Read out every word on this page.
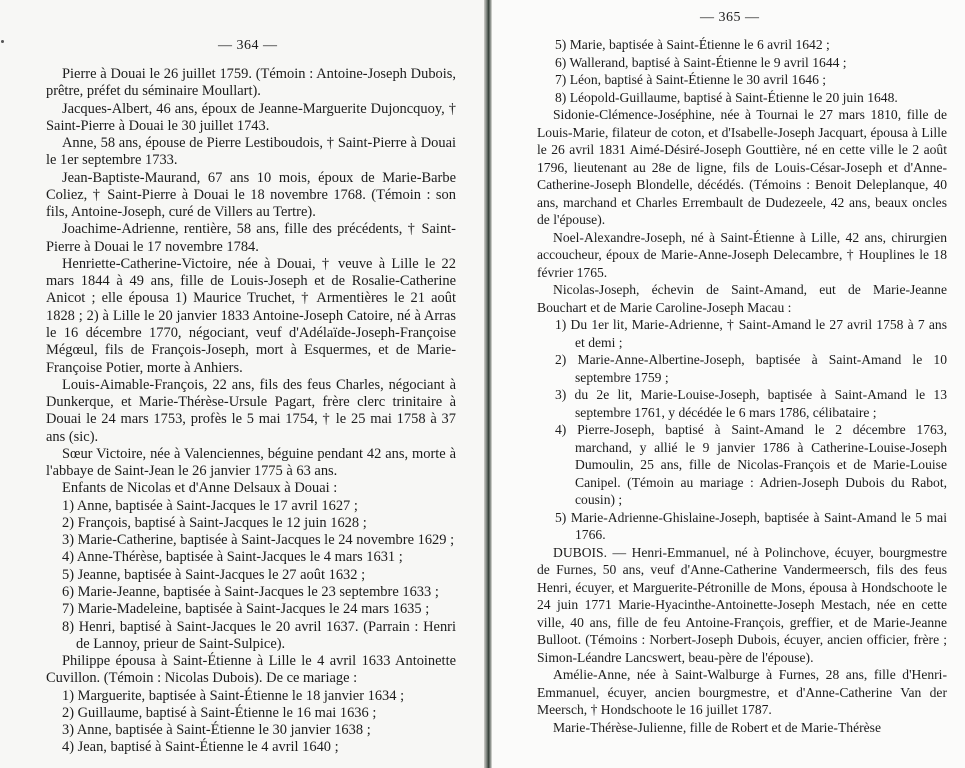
— 364 —

Pierre à Douai le 26 juillet 1759. (Témoin : Antoine-Joseph Dubois, prêtre, préfet du séminaire Moullart).

Jacques-Albert, 46 ans, époux de Jeanne-Marguerite Dujoncquoy, † Saint-Pierre à Douai le 30 juillet 1743.

Anne, 58 ans, épouse de Pierre Lestiboudois, † Saint-Pierre à Douai le 1er septembre 1733.

Jean-Baptiste-Maurand, 67 ans 10 mois, époux de Marie-Barbe Coliez, † Saint-Pierre à Douai le 18 novembre 1768. (Témoin : son fils, Antoine-Joseph, curé de Villers au Tertre).

Joachime-Adrienne, rentière, 58 ans, fille des précédents, † Saint-Pierre à Douai le 17 novembre 1784.

Henriette-Catherine-Victoire, née à Douai, † veuve à Lille le 22 mars 1844 à 49 ans, fille de Louis-Joseph et de Rosalie-Catherine Anicot ; elle épousa 1) Maurice Truchet, † Armentières le 21 août 1828 ; 2) à Lille le 20 janvier 1833 Antoine-Joseph Catoire, né à Arras le 16 décembre 1770, négociant, veuf d'Adélaïde-Joseph-Françoise Mégœul, fils de François-Joseph, mort à Esquermes, et de Marie-Françoise Potier, morte à Anhiers.

Louis-Aimable-François, 22 ans, fils des feus Charles, négociant à Dunkerque, et Marie-Thérèse-Ursule Pagart, frère clerc trinitaire à Douai le 24 mars 1753, profès le 5 mai 1754, † le 25 mai 1758 à 37 ans (sic).

Sœur Victoire, née à Valenciennes, béguine pendant 42 ans, morte à l'abbaye de Saint-Jean le 26 janvier 1775 à 63 ans.

Enfants de Nicolas et d'Anne Delsaux à Douai :

1) Anne, baptisée à Saint-Jacques le 17 avril 1627 ;

2) François, baptisé à Saint-Jacques le 12 juin 1628 ;

3) Marie-Catherine, baptisée à Saint-Jacques le 24 novembre 1629 ;

4) Anne-Thérèse, baptisée à Saint-Jacques le 4 mars 1631 ;

5) Jeanne, baptisée à Saint-Jacques le 27 août 1632 ;

6) Marie-Jeanne, baptisée à Saint-Jacques le 23 septembre 1633 ;

7) Marie-Madeleine, baptisée à Saint-Jacques le 24 mars 1635 ;

8) Henri, baptisé à Saint-Jacques le 20 avril 1637. (Parrain : Henri de Lannoy, prieur de Saint-Sulpice).

Philippe épousa à Saint-Étienne à Lille le 4 avril 1633 Antoinette Cuvillon. (Témoin : Nicolas Dubois). De ce mariage :

1) Marguerite, baptisée à Saint-Étienne le 18 janvier 1634 ;

2) Guillaume, baptisé à Saint-Étienne le 16 mai 1636 ;

3) Anne, baptisée à Saint-Étienne le 30 janvier 1638 ;

4) Jean, baptisé à Saint-Étienne le 4 avril 1640 ;

— 365 —

5) Marie, baptisée à Saint-Étienne le 6 avril 1642 ;

6) Wallerand, baptisé à Saint-Étienne le 9 avril 1644 ;

7) Léon, baptisé à Saint-Étienne le 30 avril 1646 ;

8) Léopold-Guillaume, baptisé à Saint-Étienne le 20 juin 1648.

Sidonie-Clémence-Joséphine, née à Tournai le 27 mars 1810, fille de Louis-Marie, filateur de coton, et d'Isabelle-Joseph Jacquart, épousa à Lille le 26 avril 1831 Aimé-Désiré-Joseph Gouttière, né en cette ville le 2 août 1796, lieutenant au 28e de ligne, fils de Louis-César-Joseph et d'Anne-Catherine-Joseph Blondelle, décédés. (Témoins : Benoit Deleplanque, 40 ans, marchand et Charles Errembault de Dudezeele, 42 ans, beaux oncles de l'épouse).

Noel-Alexandre-Joseph, né à Saint-Étienne à Lille, 42 ans, chirurgien accoucheur, époux de Marie-Anne-Joseph Delecambre, † Houplines le 18 février 1765.

Nicolas-Joseph, échevin de Saint-Amand, eut de Marie-Jeanne Bouchart et de Marie Caroline-Joseph Macau :

1) Du 1er lit, Marie-Adrienne, † Saint-Amand le 27 avril 1758 à 7 ans et demi ;

2) Marie-Anne-Albertine-Joseph, baptisée à Saint-Amand le 10 septembre 1759 ;

3) du 2e lit, Marie-Louise-Joseph, baptisée à Saint-Amand le 13 septembre 1761, y décédée le 6 mars 1786, célibataire ;

4) Pierre-Joseph, baptisé à Saint-Amand le 2 décembre 1763, marchand, y allié le 9 janvier 1786 à Catherine-Louise-Joseph Dumoulin, 25 ans, fille de Nicolas-François et de Marie-Louise Canipel. (Témoin au mariage : Adrien-Joseph Dubois du Rabot, cousin) ;

5) Marie-Adrienne-Ghislaine-Joseph, baptisée à Saint-Amand le 5 mai 1766.

DUBOIS. — Henri-Emmanuel, né à Polinchove, écuyer, bourgmestre de Furnes, 50 ans, veuf d'Anne-Catherine Vandermeersch, fils des feus Henri, écuyer, et Marguerite-Pétronille de Mons, épousa à Hondschoote le 24 juin 1771 Marie-Hyacinthe-Antoinette-Joseph Mestach, née en cette ville, 40 ans, fille de feu Antoine-François, greffier, et de Marie-Jeanne Bulloot. (Témoins : Norbert-Joseph Dubois, écuyer, ancien officier, frère ; Simon-Léandre Lancswert, beau-père de l'épouse).

Amélie-Anne, née à Saint-Walburge à Furnes, 28 ans, fille d'Henri-Emmanuel, écuyer, ancien bourgmestre, et d'Anne-Catherine Van der Meersch, † Hondschoote le 16 juillet 1787.

Marie-Thérèse-Julienne, fille de Robert et de Marie-Thérèse
